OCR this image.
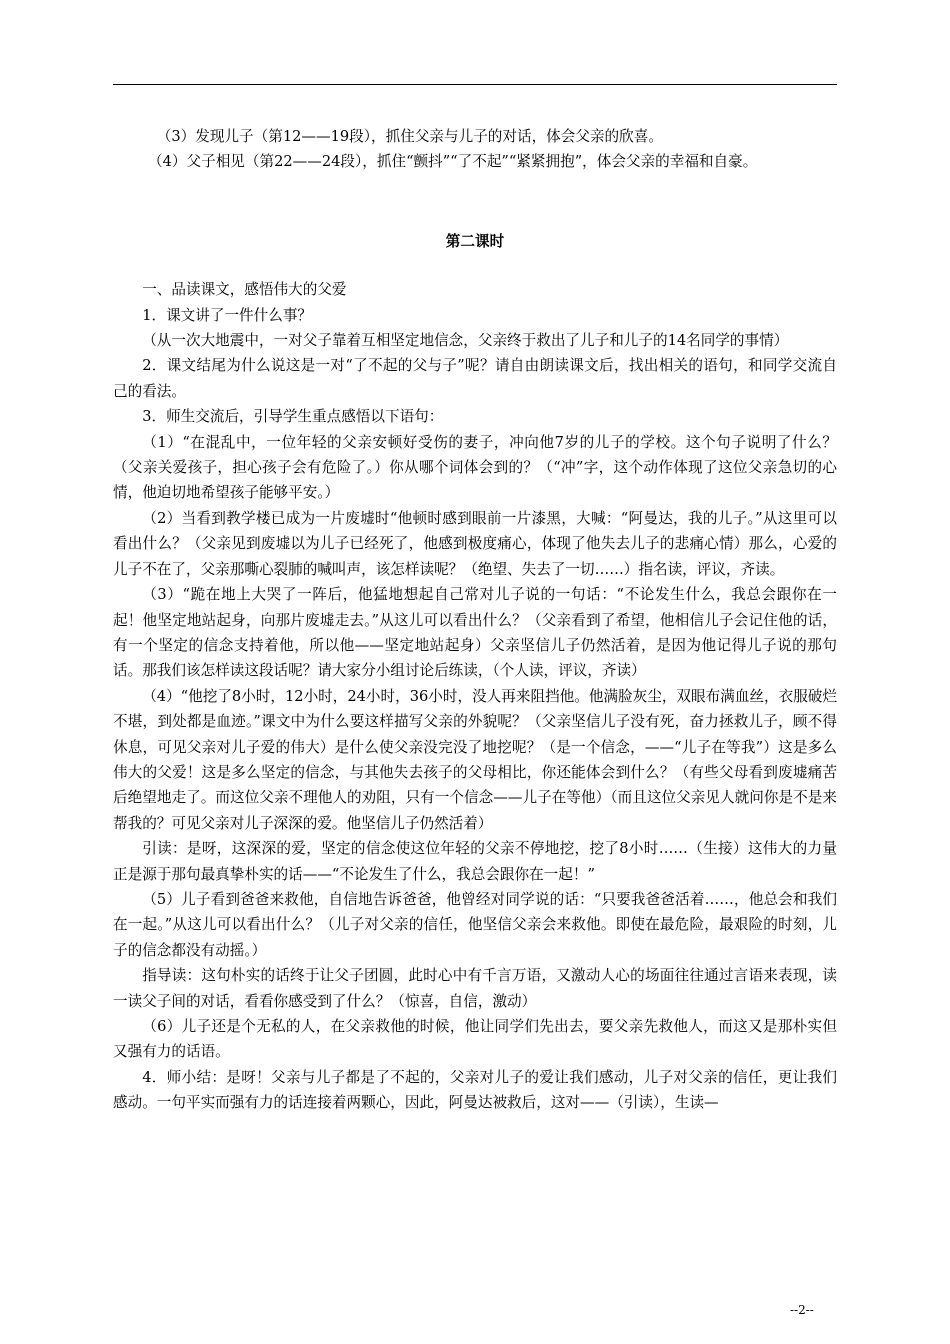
（3）发现儿子（第12——19段），抓住父亲与儿子的对话，体会父亲的欣喜。

（4）父子相见（第22——24段），抓住“颤抖”“了不起”“紧紧拥抱”，体会父亲的幸福和自豪。

第二课时

一、品读课文，感悟伟大的父爱

1．课文讲了一件什么事？

（从一次大地震中，一对父子靠着互相坚定地信念，父亲终于救出了儿子和儿子的14名同学的事情）

2．课文结尾为什么说这是一对“了不起的父与子”呢？请自由朗读课文后，找出相关的语句，和同学交流自己的看法。

3．师生交流后，引导学生重点感悟以下语句：

（1）“在混乱中，一位年轻的父亲安顿好受伤的妻子，冲向他7岁的儿子的学校。这个句子说明了什么？（父亲关爱孩子，担心孩子会有危险了。）你从哪个词体会到的？（“冲”字，这个动作体现了这位父亲急切的心情，他迫切地希望孩子能够平安。）

（2）当看到教学楼已成为一片废墟时“他顿时感到眼前一片漆黑，大喊：“阿曼达，我的儿子。”从这里可以看出什么？（父亲见到废墟以为儿子已经死了，他感到极度痛心，体现了他失去儿子的悲痛心情）那么，心爱的儿子不在了，父亲那嘶心裂肺的喊叫声，该怎样读呢？（绝望、失去了一切……）指名读，评议，齐读。

（3）“跪在地上大哭了一阵后，他猛地想起自己常对儿子说的一句话：“不论发生什么，我总会跟你在一起！他坚定地站起身，向那片废墟走去。”从这儿可以看出什么？（父亲看到了希望，他相信儿子会记住他的话，有一个坚定的信念支持着他，所以他——坚定地站起身）父亲坚信儿子仍然活着，是因为他记得儿子说的那句话。那我们该怎样读这段话呢？请大家分小组讨论后练读，（个人读，评议，齐读）

（4）“他挖了8小时，12小时，24小时，36小时，没人再来阻挡他。他满脸灰尘，双眼布满血丝，衣服破烂不堪，到处都是血迹。”课文中为什么要这样描写父亲的外貌呢？（父亲坚信儿子没有死，奋力拯救儿子，顾不得休息，可见父亲对儿子爱的伟大）是什么使父亲没完没了地挖呢？（是一个信念，——“儿子在等我”）这是多么伟大的父爱！这是多么坚定的信念，与其他失去孩子的父母相比，你还能体会到什么？（有些父母看到废墟痛苦后绝望地走了。而这位父亲不理他人的劝阻，只有一个信念——儿子在等他）（而且这位父亲见人就问你是不是来帮我的？可见父亲对儿子深深的爱。他坚信儿子仍然活着）

引读：是呀，这深深的爱，坚定的信念使这位年轻的父亲不停地挖，挖了8小时……（生接）这伟大的力量正是源于那句最真挚朴实的话——“不论发生了什么，我总会跟你在一起！”

（5）儿子看到爸爸来救他，自信地告诉爸爸，他曾经对同学说的话：“只要我爸爸活着……，他总会和我们在一起。”从这儿可以看出什么？（儿子对父亲的信任，他坚信父亲会来救他。即使在最危险，最艰险的时刻，儿子的信念都没有动摇。）

指导读：这句朴实的话终于让父子团圆，此时心中有千言万语，又激动人心的场面往往通过言语来表现，读一读父子间的对话，看看你感受到了什么？（惊喜，自信，激动）

（6）儿子还是个无私的人，在父亲救他的时候，他让同学们先出去，要父亲先救他人，而这又是那朴实但又强有力的话语。

4．师小结：是呀！父亲与儿子都是了不起的，父亲对儿子的爱让我们感动，儿子对父亲的信任，更让我们感动。一句平实而强有力的话连接着两颗心，因此，阿曼达被救后，这对——（引读），生读—

--2--
